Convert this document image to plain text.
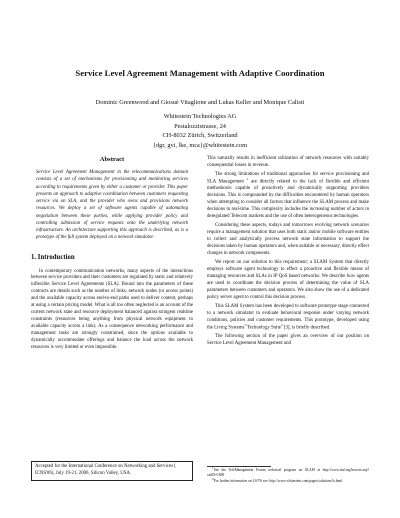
Service Level Agreement Management with Adaptive Coordination
Dominic Greenwood and Giosuè Vitaglione and Lukas Keller and Monique Calisti
Whitestein Technologies AG
Pestalozzistrasse, 24
CH-8032 Zürich, Switzerland
{dgr, gvi, lke, mca}@whitestein.com
Abstract
Service Level Agreement Management in the telecommunications domain consists of a set of mechanisms for provisioning and monitoring services according to requirements given by either a customer or provider. This paper presents an approach to adaptive coordination between customers requesting service via an SLA, and the provider who owns and provisions network resources. We deploy a set of software agents capable of automating negotiation between these parties, while applying provider policy and controlling admission of service requests onto the underlying network infrastructure. An architecture supporting this approach is described, as is a prototype of the full system deployed on a network simulator.
1. Introduction
In contemporary communication networks, many aspects of the interactions between service providers and their customers are regulated by static and relatively inflexible Service Level Agreements (SLA). Bound into the parameters of these contracts are details such as the number of links, network nodes (or access points) and the available capacity across end-to-end paths used to deliver content, perhaps at using a certain pricing model. What is all too often neglected is an account of the current network state and resource deployment balanced against stringent realtime constraints (resources being anything from physical network equipment to available capacity across a link). As a consequence networking performance and management tasks are strongly constrained, since the options available to dynamically accommodate offerings and balance the load across the network resources is very limited or even impossible.
Accepted for the International Conference on Networking and Services ( ICNS'06), July 19-21, 2006, Silicon Valley, USA.
This naturally results in inefficient utilization of network resources with suitably consequential losses in revenue.
The strong limitations of traditional approaches for service provisioning and SLA Management $^1$ are directly related to the lack of flexible and efficient methodsools capable of proactively and dynamically supporting providers decisions. This is compounded by the difficulties encountered by human operators when attempting to consider all factors that influence the SLAM process and make decisions in real-time. This complexity includes the increasing number of actors in deregulated Telecom markets and the use of often heterogeneous technologies.
Considering these aspects, todays and tomorrows evolving network scenarios require a management solution that uses both static and/or mobile software entities to collect and analytically process network state information to support the decisions taken by human operators and, when suitable or necessary, directly effect changes in network components.
We report on our solution to this requirement; a SLAM System that directly employs software agent technology to effect a proactive and flexible means of managing resources and SLAs in IP QoS based networks. We describe how agents are used to coordinate the decision process of determining the value of SLA parameters between customers and operators. We also show the use of a dedicated policy server agent to control this decision process.
This SLAM System has been developed to software prototype stage connected to a network simulator to evaluate behavioral response under varying network conditions, policies and customer requirements. This prototype, developed using the Living Systems®Technology Suite$^2$ [3], is briefly described.
The following section of the paper gives an overview of our position on Service Level Agreement Management and

$^1$See the TeleManagement Forum technical program on SLAM at http://www.tmf.org/browse.asp?catID=1690

$^2$For further information on LS/TS see: http://www.whitestein.com/pages/solutions/ls.html
